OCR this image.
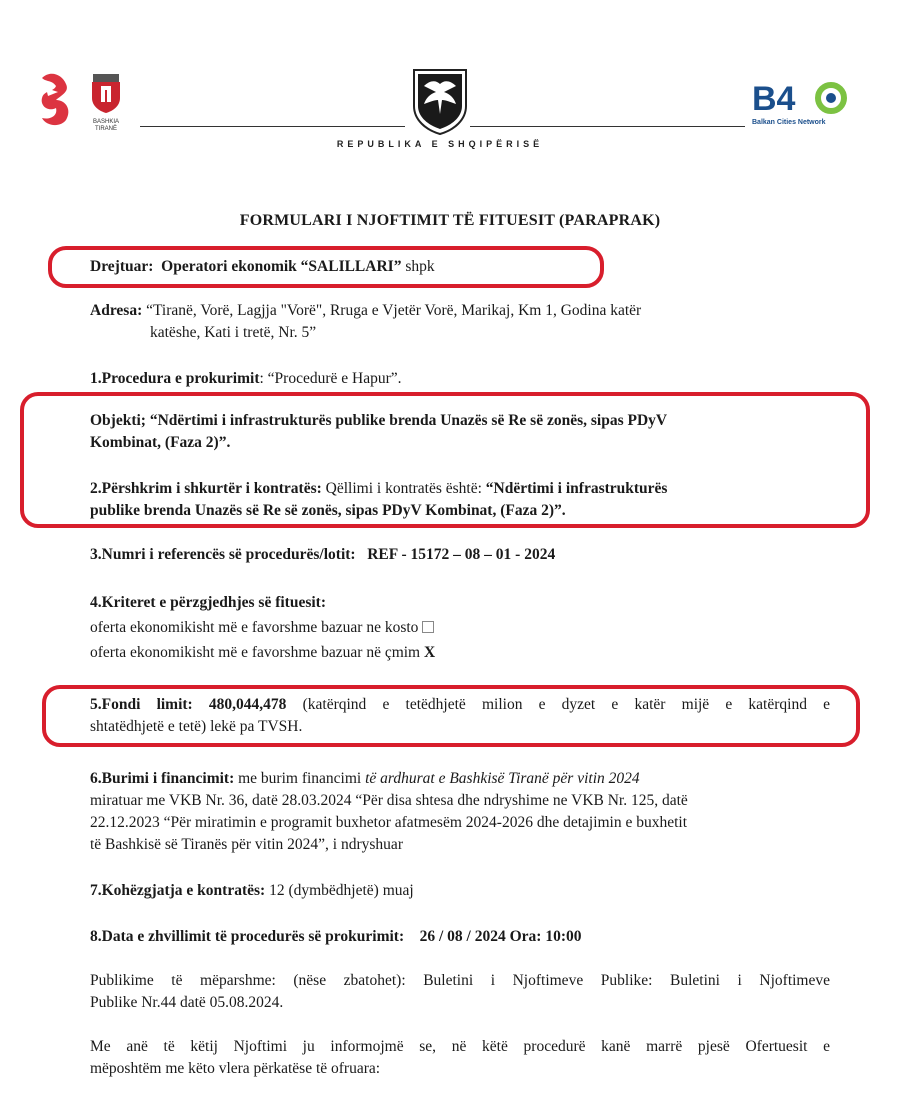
BASHKIA TIRANË
REPUBLIKA E SHQIPËRISË
B4
Balkan Cities Network
FORMULARI I NJOFTIMIT TË FITUESIT (PARAPRAK)
Drejtuar: Operatori ekonomik “SALILLARI” shpk
Adresa: “Tiranë, Vorë, Lagjja "Vorë", Rruga e Vjetër Vorë, Marikaj, Km 1, Godina katër
katëshe, Kati i tretë, Nr. 5”
1.Procedura e prokurimit: “Procedurë e Hapur”.
Objekti; “Ndërtimi i infrastrukturës publike brenda Unazës së Re së zonës, sipas PDyV
Kombinat, (Faza 2)”.
2.Përshkrim i shkurtër i kontratës: Qëllimi i kontratës është: “Ndërtimi i infrastrukturës
publike brenda Unazës së Re së zonës, sipas PDyV Kombinat, (Faza 2)”.
3.Numri i referencës së procedurës/lotit: REF - 15172 – 08 – 01 - 2024
4.Kriteret e përzgjedhjes së fituesit:
oferta ekonomikisht më e favorshme bazuar ne kosto
oferta ekonomikisht më e favorshme bazuar në çmim X
5.Fondi limit: 480,044,478 (katërqind e tetëdhjetë milion e dyzet e katër mijë e katërqind e
shtatëdhjetë e tetë) lekë pa TVSH.
6.Burimi i financimit: me burim financimi të ardhurat e Bashkisë Tiranë për vitin 2024
miratuar me VKB Nr. 36, datë 28.03.2024 “Për disa shtesa dhe ndryshime ne VKB Nr. 125, datë
22.12.2023 “Për miratimin e programit buxhetor afatmesëm 2024-2026 dhe detajimin e buxhetit
të Bashkisë së Tiranës për vitin 2024”, i ndryshuar
7.Kohëzgjatja e kontratës: 12 (dymbëdhjetë) muaj
8.Data e zhvillimit të procedurës së prokurimit: 26 / 08 / 2024 Ora: 10:00
Publikime të mëparshme: (nëse zbatohet): Buletini i Njoftimeve Publike: Buletini i Njoftimeve
Publike Nr.44 datë 05.08.2024.
Me anë të këtij Njoftimi ju informojmë se, në këtë procedurë kanë marrë pjesë Ofertuesit e
mëposhtëm me këto vlera përkatëse të ofruara:
